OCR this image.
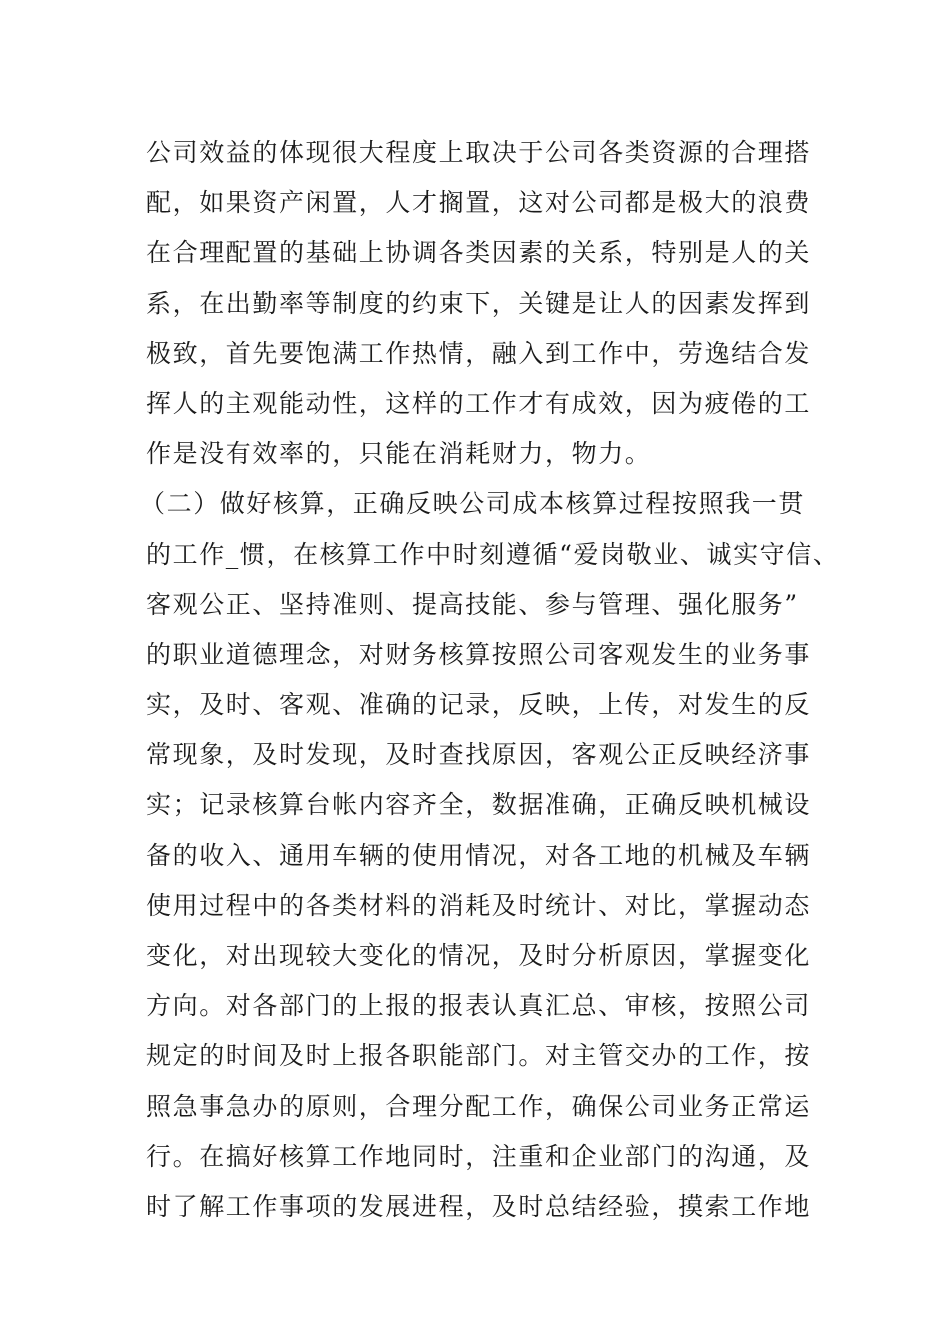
公司效益的体现很大程度上取决于公司各类资源的合理搭
配，如果资产闲置，人才搁置，这对公司都是极大的浪费
在合理配置的基础上协调各类因素的关系，特别是人的关
系，在出勤率等制度的约束下，关键是让人的因素发挥到
极致，首先要饱满工作热情，融入到工作中，劳逸结合发
挥人的主观能动性，这样的工作才有成效，因为疲倦的工
作是没有效率的，只能在消耗财力，物力。
（二）做好核算，正确反映公司成本核算过程按照我一贯
的工作_惯，在核算工作中时刻遵循“爱岗敬业、诚实守信、
客观公正、坚持准则、提高技能、参与管理、强化服务”
的职业道德理念，对财务核算按照公司客观发生的业务事
实，及时、客观、准确的记录，反映，上传，对发生的反
常现象，及时发现，及时查找原因，客观公正反映经济事
实；记录核算台帐内容齐全，数据准确，正确反映机械设
备的收入、通用车辆的使用情况，对各工地的机械及车辆
使用过程中的各类材料的消耗及时统计、对比，掌握动态
变化，对出现较大变化的情况，及时分析原因，掌握变化
方向。对各部门的上报的报表认真汇总、审核，按照公司
规定的时间及时上报各职能部门。对主管交办的工作，按
照急事急办的原则，合理分配工作，确保公司业务正常运
行。在搞好核算工作地同时，注重和企业部门的沟通，及
时了解工作事项的发展进程，及时总结经验，摸索工作地
